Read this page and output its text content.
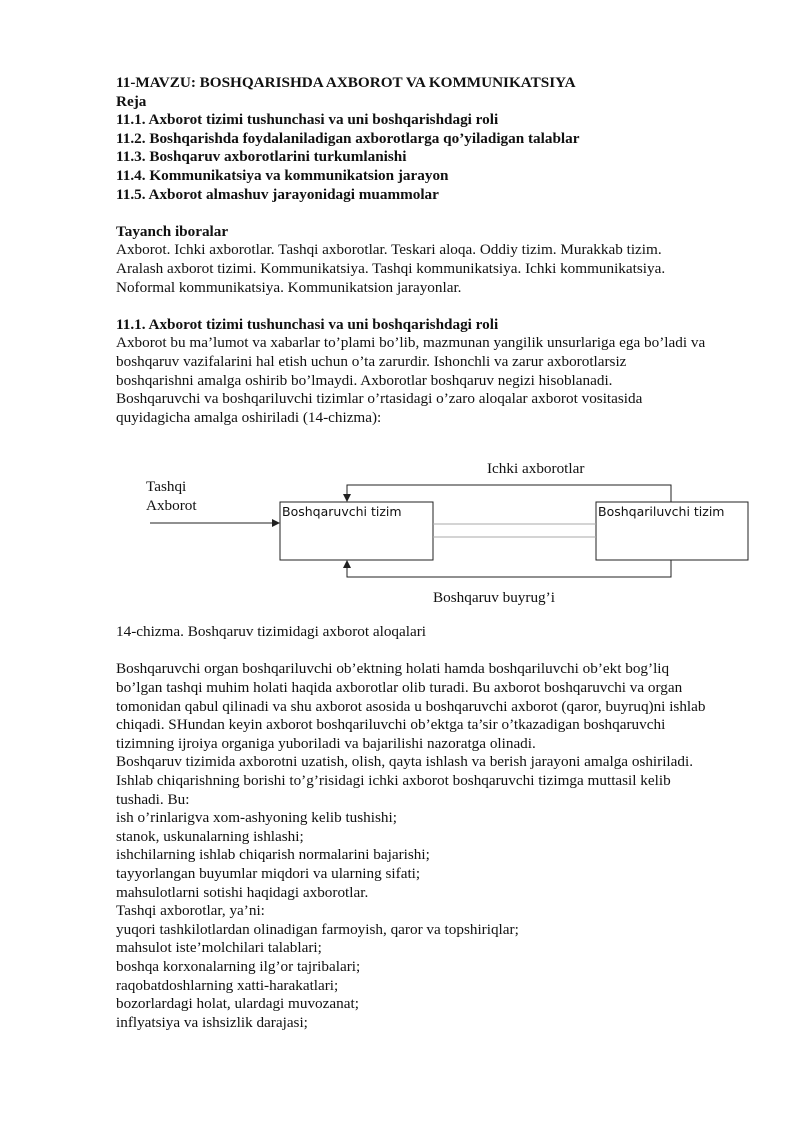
11-MAVZU: BOSHQARISHDA AXBOROT VA KOMMUNIKATSIYA
Reja
11.1. Axborot tizimi tushunchasi va uni boshqarishdagi roli
11.2. Boshqarishda foydalaniladigan axborotlarga qo’yiladigan talablar
11.3. Boshqaruv axborotlarini turkumlanishi
11.4. Kommunikatsiya va kommunikatsion jarayon
11.5. Axborot almashuv jarayonidagi muammolar
Tayanch iboralar
Axborot. Ichki axborotlar. Tashqi axborotlar. Teskari aloqa. Oddiy tizim. Murakkab tizim.
Aralash axborot tizimi. Kommunikatsiya. Tashqi kommunikatsiya. Ichki kommunikatsiya.
Noformal kommunikatsiya. Kommunikatsion jarayonlar.
11.1. Axborot tizimi tushunchasi va uni boshqarishdagi roli
Axborot bu ma’lumot va xabarlar to’plami bo’lib, mazmunan yangilik unsurlariga ega bo’ladi va
boshqaruv vazifalarini hal etish uchun o’ta zarurdir. Ishonchli va zarur axborotlarsiz
boshqarishni amalga oshirib bo’lmaydi. Axborotlar boshqaruv negizi hisoblanadi.
Boshqaruvchi va boshqariluvchi tizimlar o’rtasidagi o’zaro aloqalar axborot vositasida
quyidagicha amalga oshiriladi (14-chizma):
Tashqi
Axborot
Ichki axborotlar
Boshqaruv buyrug’i
Boshqaruvchi tizim	Boshqariluvchi tizim
14-chizma. Boshqaruv tizimidagi axborot aloqalari
Boshqaruvchi organ boshqariluvchi ob’ektning holati hamda boshqariluvchi ob’ekt bog’liq
bo’lgan tashqi muhim holati haqida axborotlar olib turadi. Bu axborot boshqaruvchi va organ
tomonidan qabul qilinadi va shu axborot asosida u boshqaruvchi axborot (qaror, buyruq)ni ishlab
chiqadi. SHundan keyin axborot boshqariluvchi ob’ektga ta’sir o’tkazadigan boshqaruvchi
tizimning ijroiya organiga yuboriladi va bajarilishi nazoratga olinadi.
Boshqaruv tizimida axborotni uzatish, olish, qayta ishlash va berish jarayoni amalga oshiriladi.
Ishlab chiqarishning borishi to’g’risidagi ichki axborot boshqaruvchi tizimga muttasil kelib
tushadi. Bu:
ish o’rinlarigva xom-ashyoning kelib tushishi;
stanok, uskunalarning ishlashi;
ishchilarning ishlab chiqarish normalarini bajarishi;
tayyorlangan buyumlar miqdori va ularning sifati;
mahsulotlarni sotishi haqidagi axborotlar.
Tashqi axborotlar, ya’ni:
yuqori tashkilotlardan olinadigan farmoyish, qaror va topshiriqlar;
mahsulot iste’molchilari talablari;
boshqa korxonalarning ilg’or tajribalari;
raqobatdoshlarning xatti-harakatlari;
bozorlardagi holat, ulardagi muvozanat;
inflyatsiya va ishsizlik darajasi;
